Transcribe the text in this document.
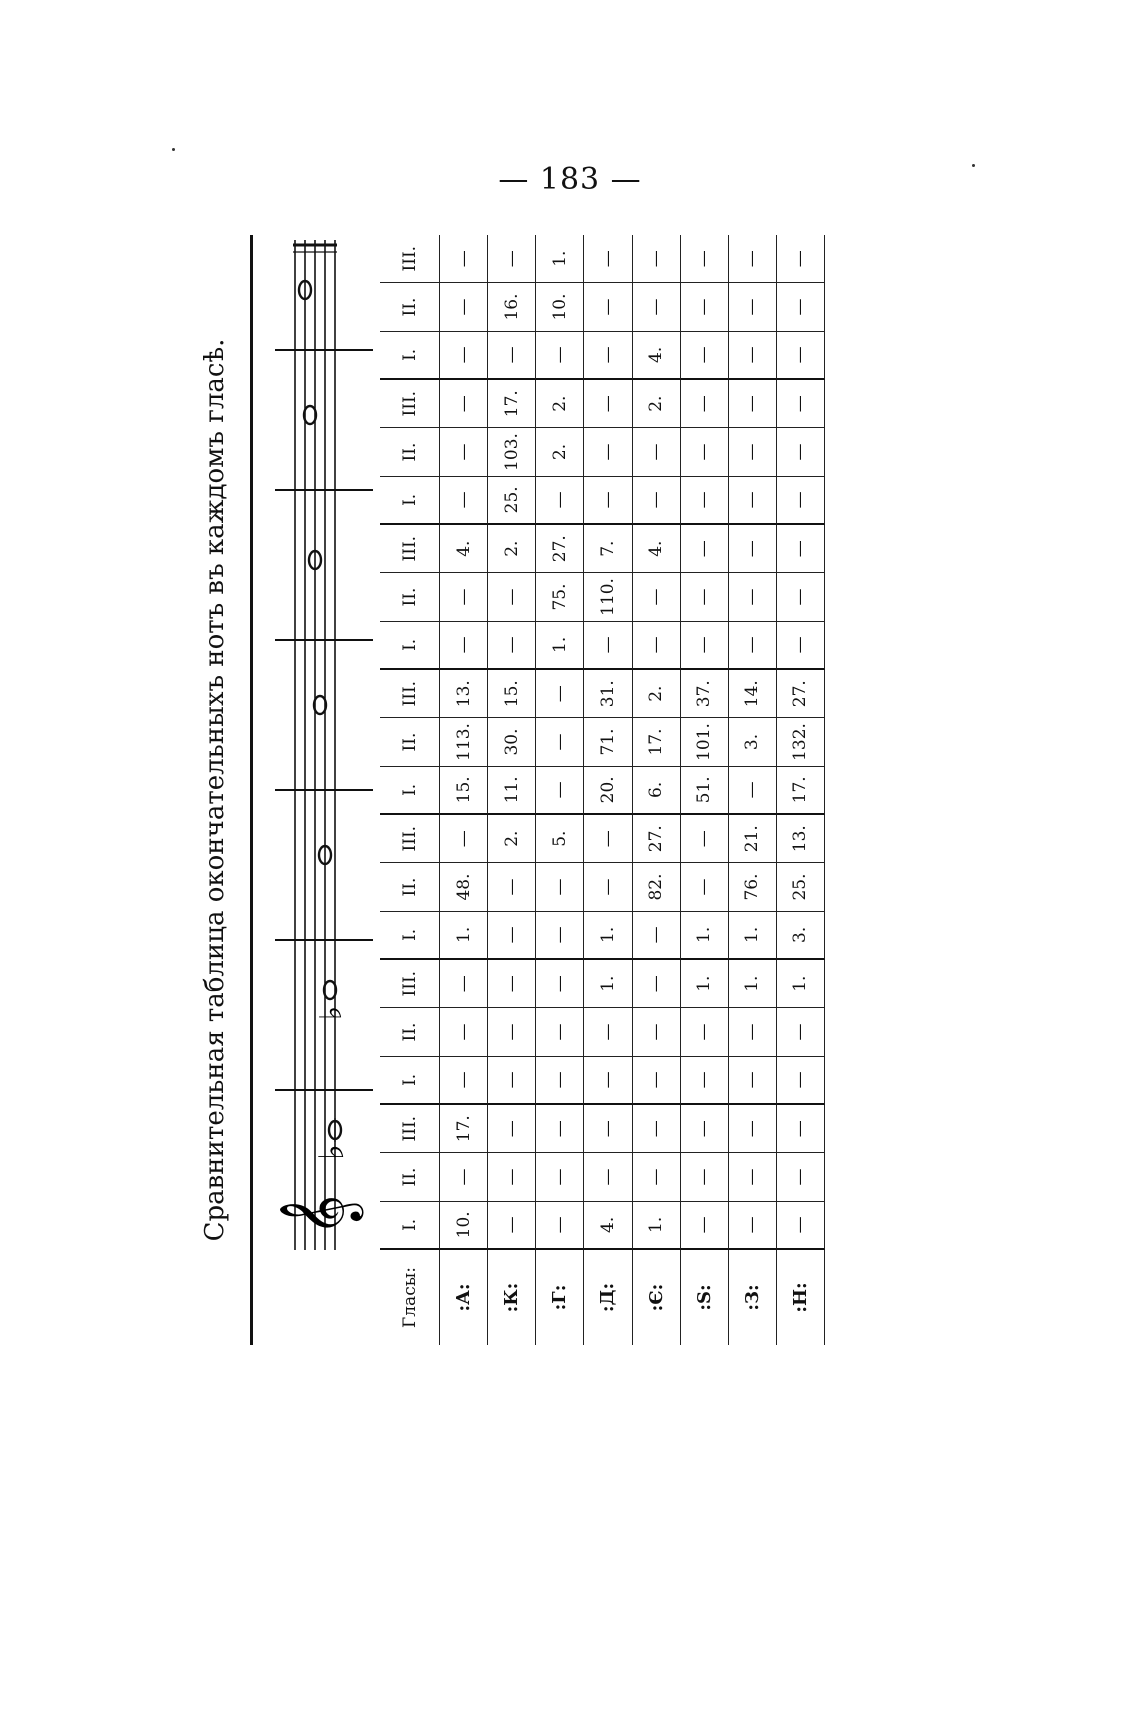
— 183 —
Сравнительная таблица окончательныхъ нотъ въ каждомъ гласѣ. 𝄞
♭
♭
Гласы:
I.
II.
III.
I.
II.
III.
I.
II.
III.
I.
II.
III.
I.
II.
III.
I.
II.
III.
I.
II.
III.
:А:
10.
—
17.
—
—
—
1.
48.
—
15.
113.
13.
—
—
4.
—
—
—
—
—
—
:К:
—
—
—
—
—
—
—
—
2.
11.
30.
15.
—
—
2.
25.
103.
17.
—
16.
—
:Г:
—
—
—
—
—
—
—
—
5.
—
—
—
1.
75.
27.
—
2.
2.
—
10.
1.
:Д:
4.
—
—
—
—
1.
1.
—
—
20.
71.
31.
—
110.
7.
—
—
—
—
—
—
:Є:
1.
—
—
—
—
—
—
82.
27.
6.
17.
2.
—
—
4.
—
—
2.
4.
—
—
:Ѕ:
—
—
—
—
—
1.
1.
—
—
51.
101.
37.
—
—
—
—
—
—
—
—
—
:З:
—
—
—
—
—
1.
1.
76.
21.
—
3.
14.
—
—
—
—
—
—
—
—
—
:Н:
—
—
—
—
—
1.
3.
25.
13.
17.
132.
27.
—
—
—
—
—
—
—
—
—
